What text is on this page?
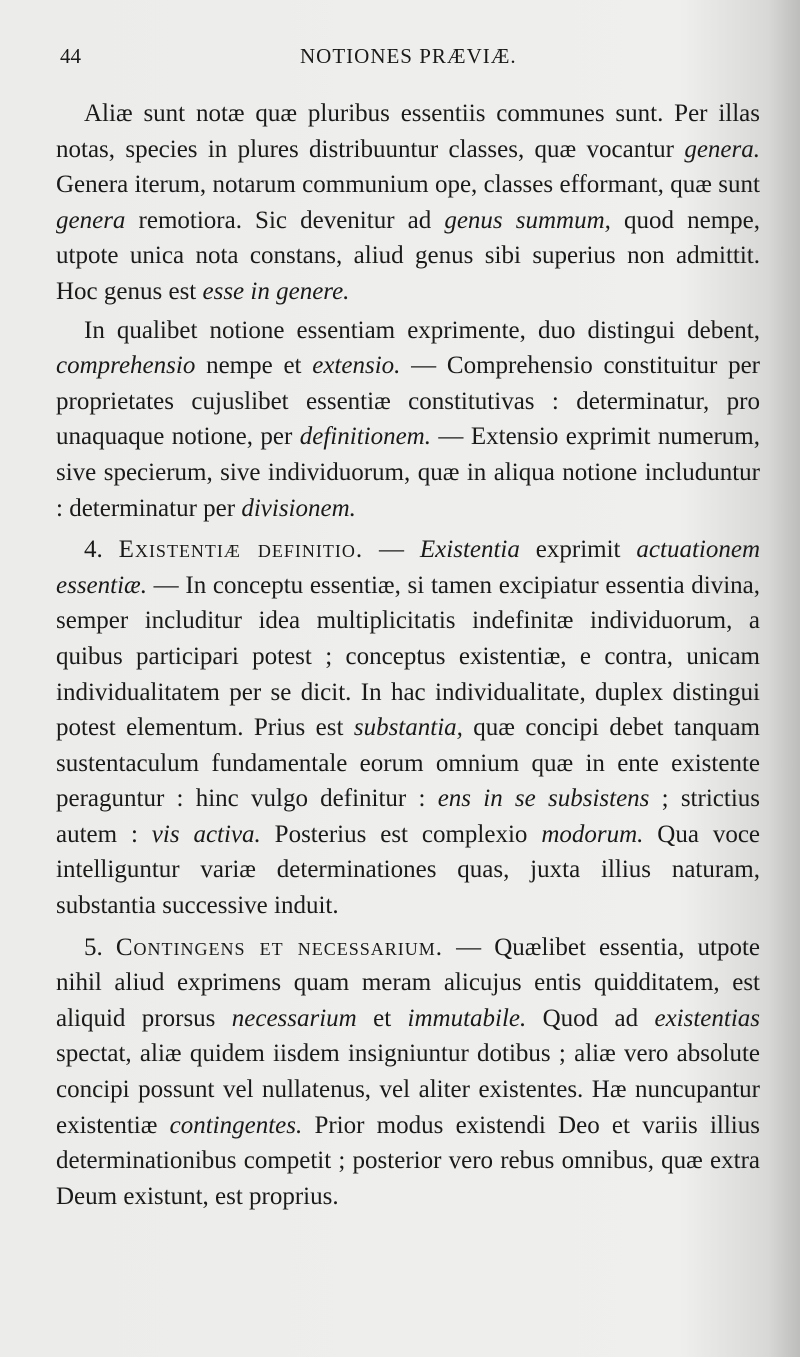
44	NOTIONES PRÆVIÆ.

Aliæ sunt notæ quæ pluribus essentiis communes sunt. Per illas notas, species in plures distribuuntur classes, quæ vocantur genera. Genera iterum, notarum communium ope, classes efformant, quæ sunt genera remotiora. Sic devenitur ad genus summum, quod nempe, utpote unica nota constans, aliud genus sibi superius non admittit. Hoc genus est esse in genere.

In qualibet notione essentiam exprimente, duo distingui debent, comprehensio nempe et extensio. — Comprehensio constituitur per proprietates cujuslibet essentiæ constitutivas : determinatur, pro unaquaque notione, per definitionem. — Extensio exprimit numerum, sive specierum, sive individuorum, quæ in aliqua notione includuntur : determinatur per divisionem.

4. Existentiæ definitio. — Existentia exprimit actuationem essentiæ. — In conceptu essentiæ, si tamen excipiatur essentia divina, semper includitur idea multiplicitatis indefinitæ individuorum, a quibus participari potest ; conceptus existentiæ, e contra, unicam individualitatem per se dicit. In hac individualitate, duplex distingui potest elementum. Prius est substantia, quæ concipi debet tanquam sustentaculum fundamentale eorum omnium quæ in ente existente peraguntur : hinc vulgo definitur : ens in se subsistens ; strictius autem : vis activa. Posterius est complexio modorum. Qua voce intelliguntur variæ determinationes quas, juxta illius naturam, substantia successive induit.

5. Contingens et necessarium. — Quælibet essentia, utpote nihil aliud exprimens quam meram alicujus entis quidditatem, est aliquid prorsus necessarium et immutabile. Quod ad existentias spectat, aliæ quidem iisdem insigniuntur dotibus ; aliæ vero absolute concipi possunt vel nullatenus, vel aliter existentes. Hæ nuncupantur existentiæ contingentes. Prior modus existendi Deo et variis illius determinationibus competit ; posterior vero rebus omnibus, quæ extra Deum existunt, est proprius.
